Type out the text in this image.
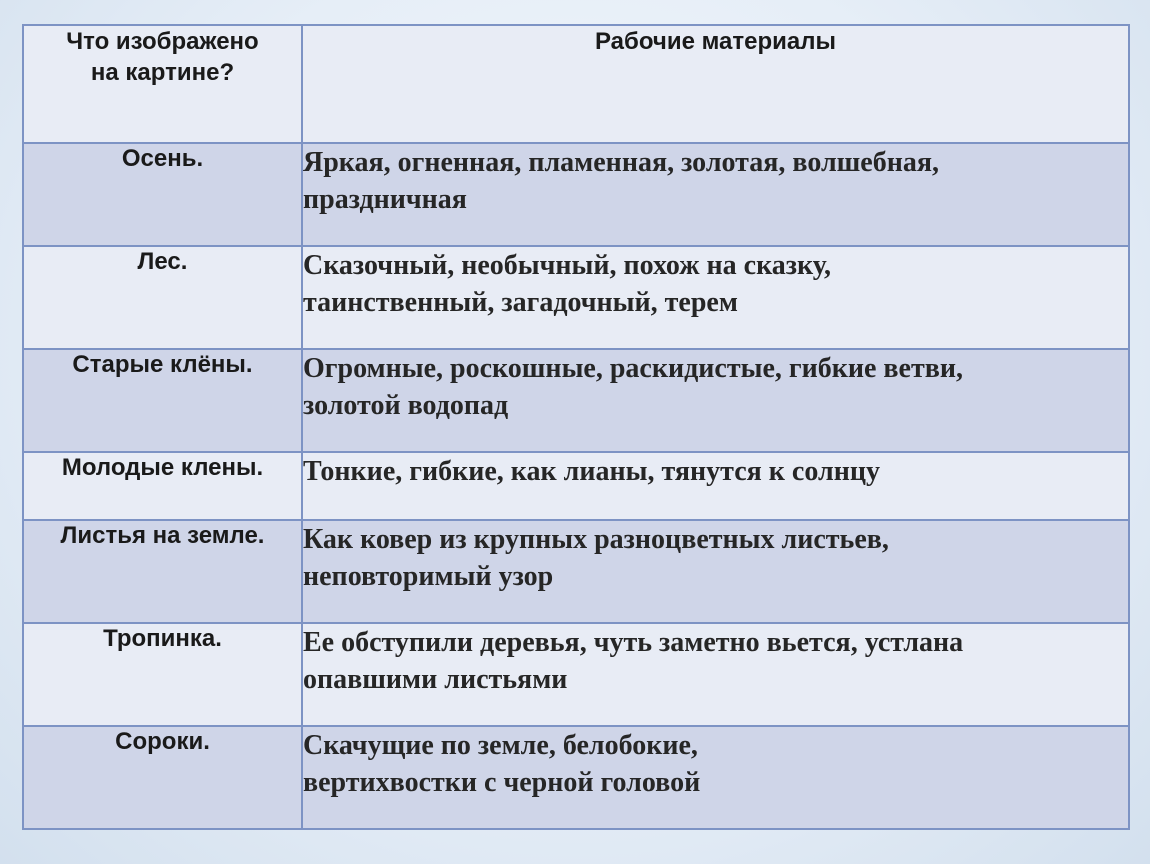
Что изображено
на картине?	Рабочие материалы
Осень.	Яркая, огненная, пламенная, золотая, волшебная,
праздничная
Лес.	Сказочный, необычный, похож на сказку,
таинственный, загадочный, терем
Старые клёны.	Огромные, роскошные, раскидистые, гибкие ветви,
золотой водопад
Молодые клены.	Тонкие, гибкие, как лианы, тянутся к солнцу
Листья на земле.	Как ковер из крупных разноцветных листьев,
неповторимый узор
Тропинка.	Ее обступили деревья, чуть заметно вьется, устлана
опавшими листьями
Сороки.	Скачущие по земле, белобокие,
вертихвостки с черной головой
